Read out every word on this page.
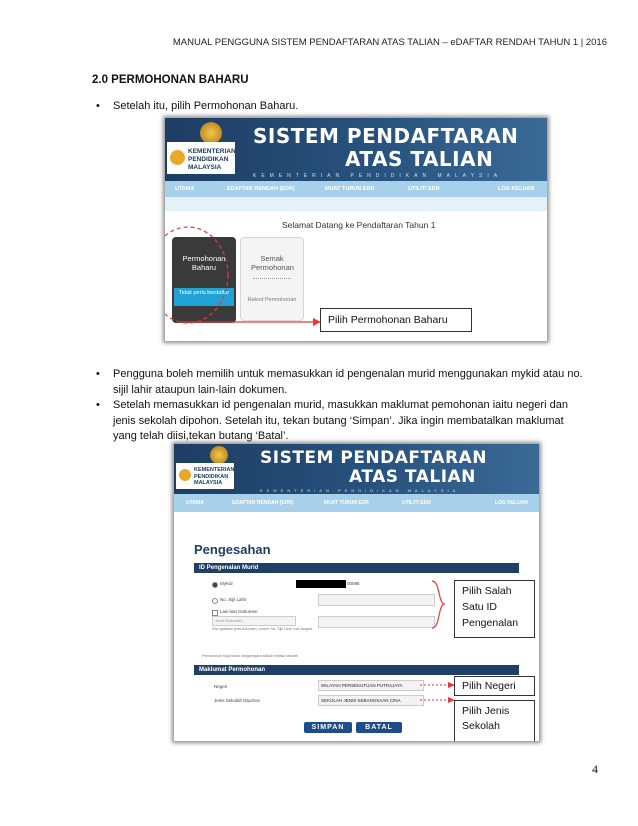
MANUAL PENGGUNA SISTEM PENDAFTARAN ATAS TALIAN – eDAFTAR RENDAH TAHUN 1 | 2016
2.0 PERMOHONAN BAHARU
• Setelah itu, pilih Permohonan Baharu.
KEMENTERIAN
PENDIDIKAN
MALAYSIA
SISTEM PENDAFTARAN
ATAS TALIAN
KEMENTERIAN PENDIDIKAN MALAYSIA
UTAMA	EDAFTAR RENDAH (EDR)	MUAT TURUN EDR	UTILITI EDR	LOG KELUAR
Selamat Datang ke Pendaftaran Tahun 1
Permohonan Baharu
Tidak perlu berdaftar
Semak Permohonan
Rekod Permohonan
Pilih Permohonan Baharu
• Pengguna boleh memilih untuk memasukkan id pengenalan murid menggunakan mykid atau no.
sijil lahir ataupun lain-lain dokumen.
• Setelah memasukkan id pengenalan murid, masukkan maklumat pemohonan iaitu negeri dan
jenis sekolah dipohon. Setelah itu, tekan butang ‘Simpan’. Jika ingin membatalkan maklumat
yang telah diisi,tekan butang ‘Batal’.
KEMENTERIAN
PENDIDIKAN
MALAYSIA
SISTEM PENDAFTARAN
ATAS TALIAN
KEMENTERIAN PENDIDIKAN MALAYSIA
UTAMA	EDAFTAR RENDAH (EDR)	MUAT TURUN EDR	UTILITI EDR	LOG KELUAR
Pengesahan
ID Pengenalan Murid
MyKid	00086
No. Sijil Lahir
Lain-lain Dokumen
Jenis Dokumen
Sila nyatakan jenis dokumen, contoh: No. Sijil Lahir Luar Negara
Permohonan bagi bukan warganegara adalah melalui sekolah
Maklumat Permohonan
Negeri	WILAYAH PERSEKUTUAN PUTRAJAYA
Jenis Sekolah Dipohon	SEKOLAH JENIS KEBANGSAAN CINA
SIMPAN	BATAL
Pilih Salah
Satu ID
Pengenalan
Pilih Negeri
Pilih Jenis
Sekolah
4
